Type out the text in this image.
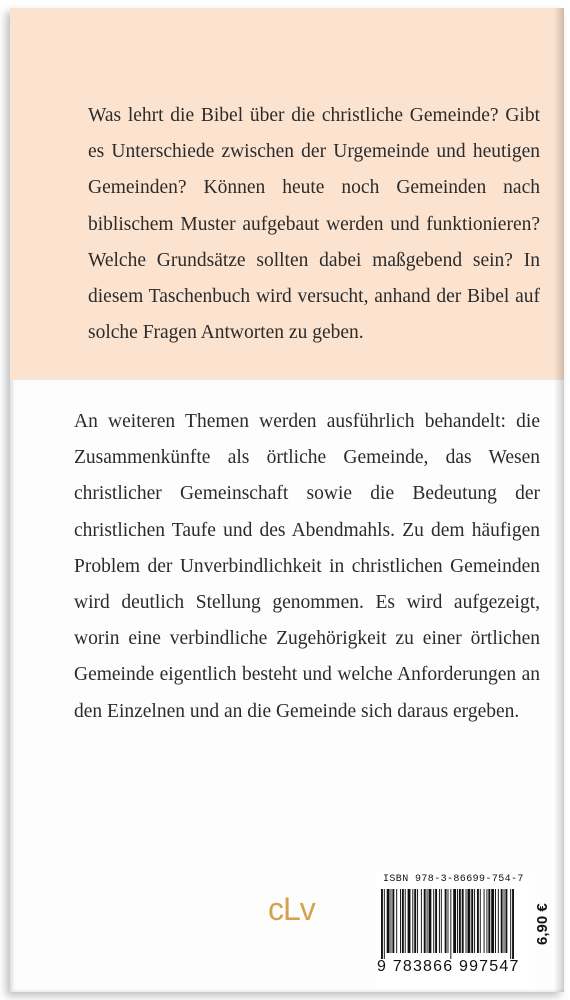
Was lehrt die Bibel über die christliche Gemeinde? Gibt es Unterschiede zwischen der Urgemeinde und heutigen Gemeinden? Können heute noch Gemeinden nach biblischem Muster aufgebaut werden und funktionieren? Welche Grundsätze sollten dabei maßgebend sein? In diesem Taschenbuch wird versucht, anhand der Bibel auf solche Fragen Antworten zu geben.

An weiteren Themen werden ausführlich behandelt: die Zusammenkünfte als örtliche Gemeinde, das Wesen christlicher Gemeinschaft sowie die Bedeutung der christlichen Taufe und des Abendmahls. Zu dem häufigen Problem der Unverbindlichkeit in christlichen Gemeinden wird deutlich Stellung genommen. Es wird aufgezeigt, worin eine verbindliche Zugehörigkeit zu einer örtlichen Gemeinde eigentlich besteht und welche Anforderungen an den Einzelnen und an die Gemeinde sich daraus ergeben.

cLv
ISBN 978-3-86699-754-7
9 783866 997547
6,90 €
